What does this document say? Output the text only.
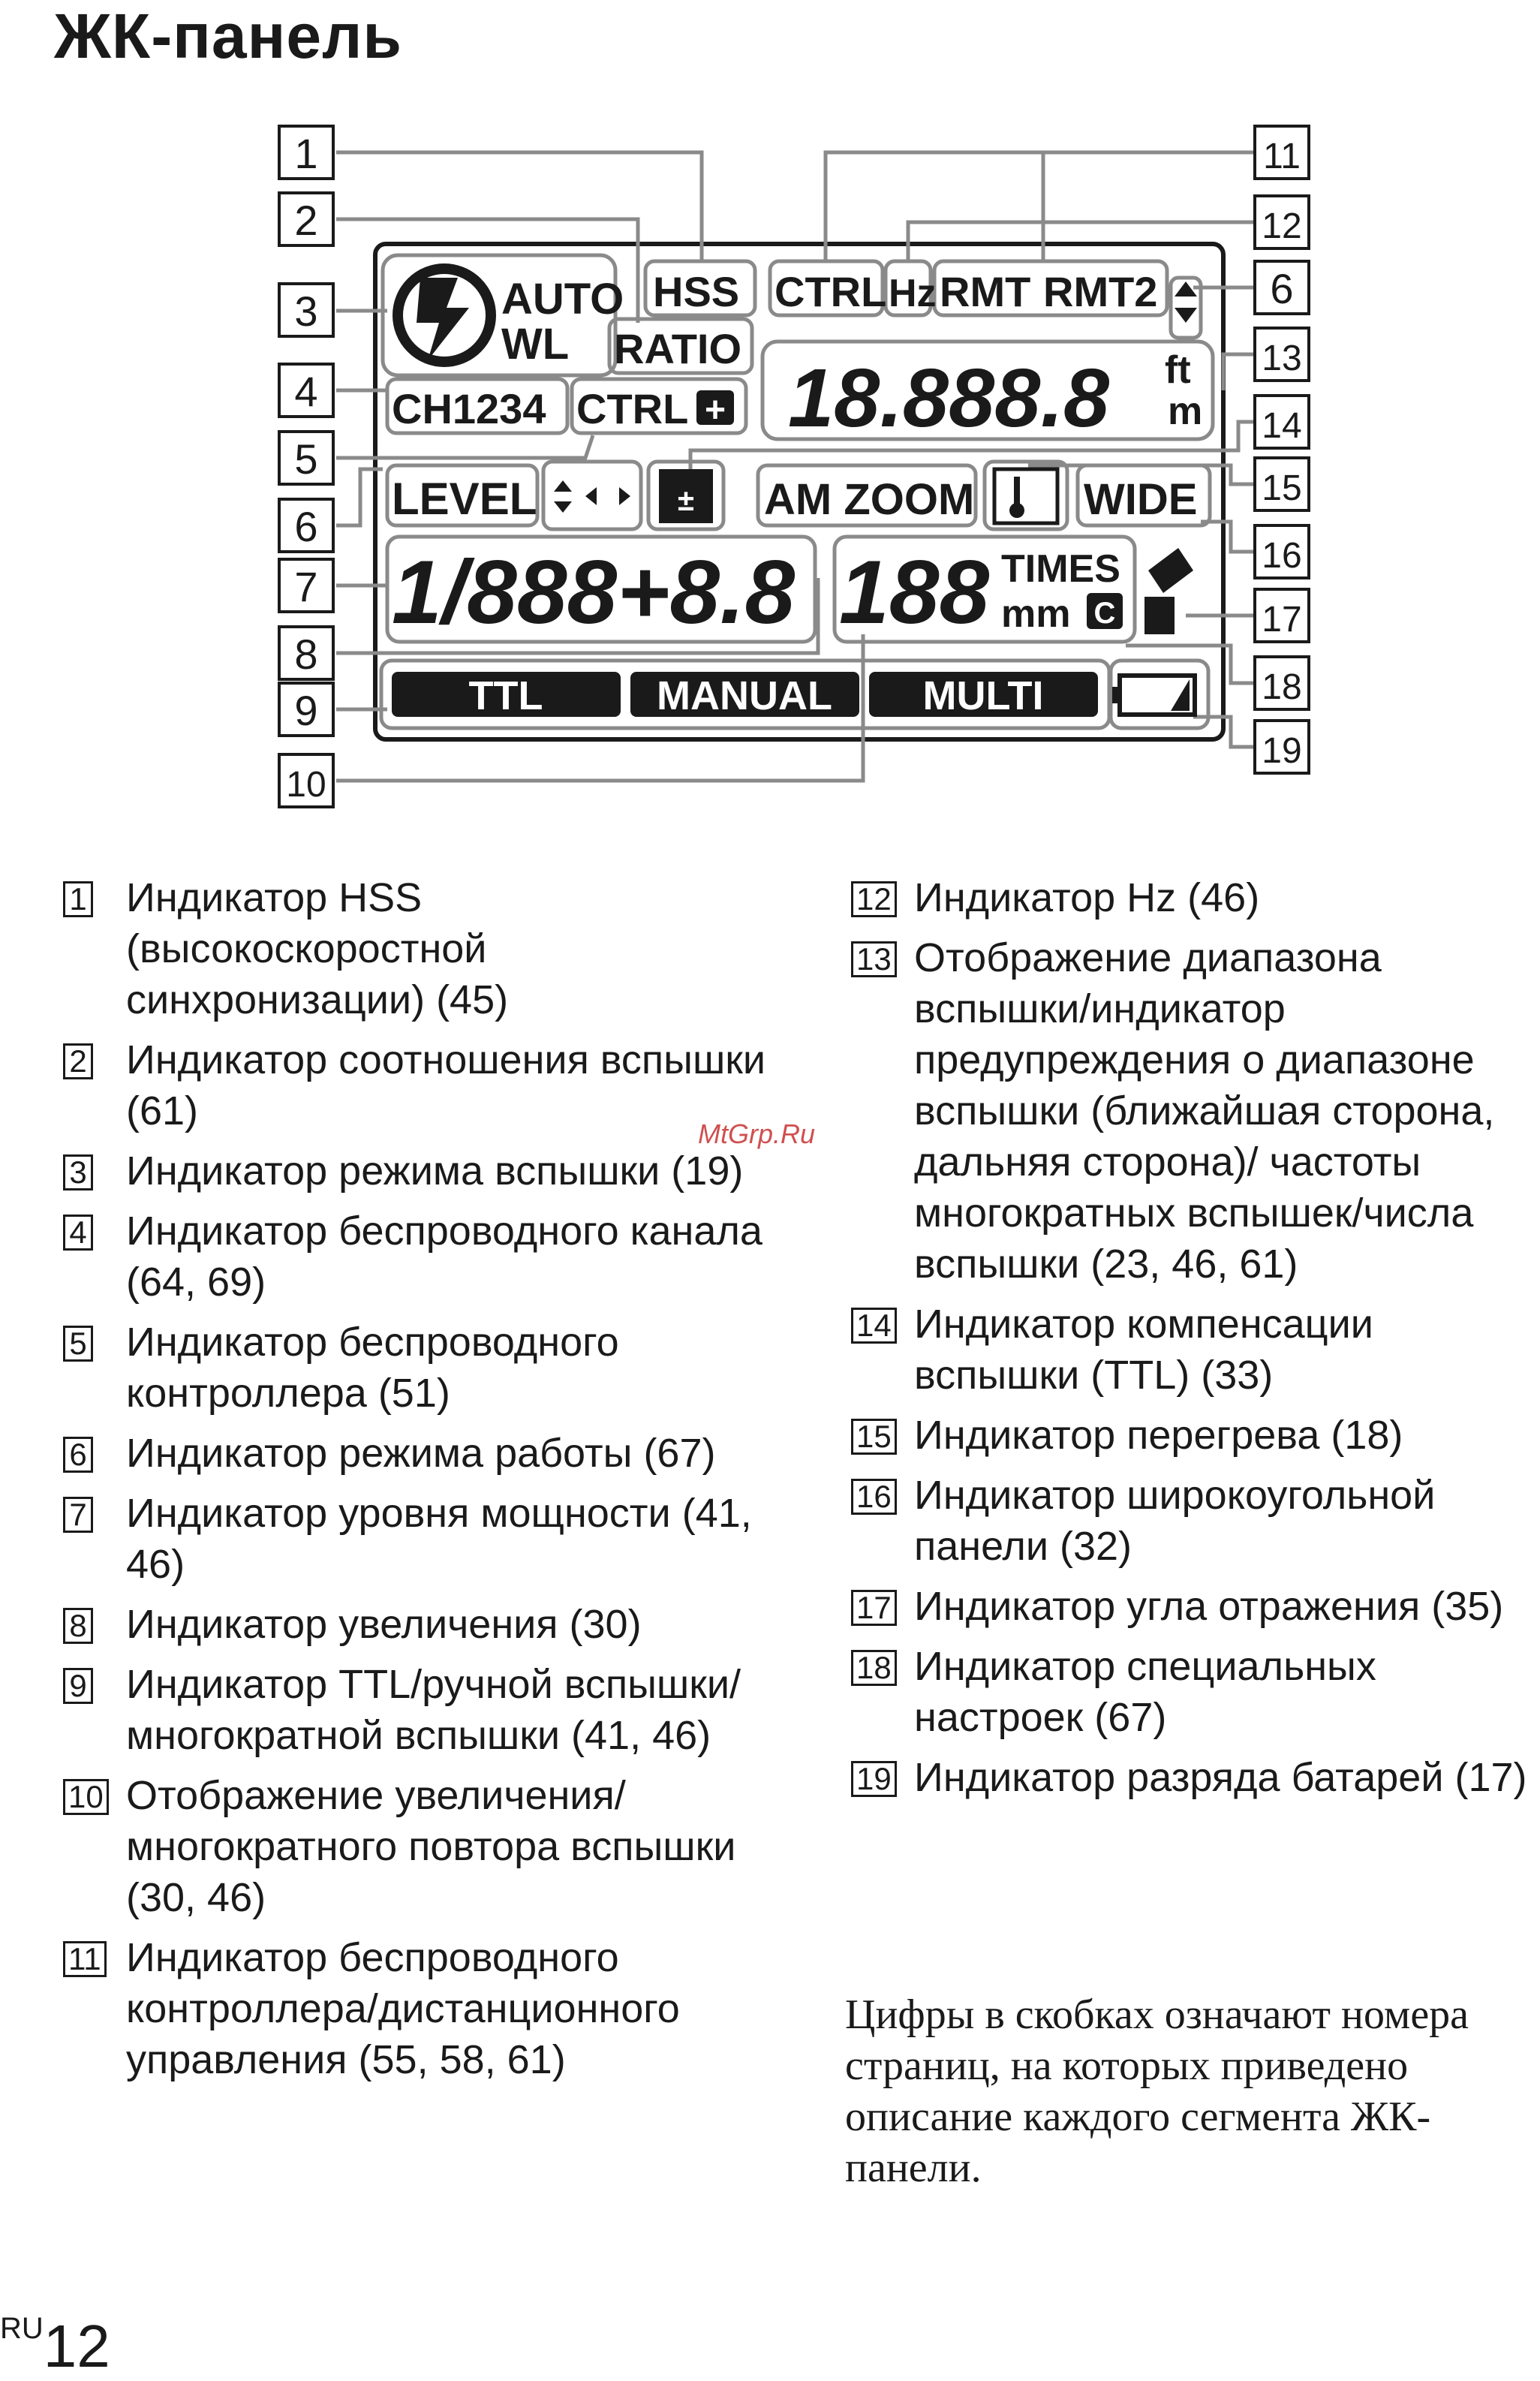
ЖК-панель
1
2
3
4
5
6
7
8
9
10
11
12
6
13
14
15
16
17
18
19
AUTO
WL
HSS
RATIO
CH1234 CTRL +
CTRL Hz RMT RMT2
18.888.8 ft
m
LEVEL	± AM ZOOM	WIDE
1/888+8.8 188 TIMES
mm C
TTL	MANUAL MULTI
MtGrp.Ru
1 Индикатор HSS (высокоскоростной синхронизации) (45)
2 Индикатор соотношения вспышки (61)
3 Индикатор режима вспышки (19)
4 Индикатор беспроводного канала (64, 69)
5 Индикатор беспроводного контроллера (51)
6 Индикатор режима работы (67)
7 Индикатор уровня мощности (41, 46)
8 Индикатор увеличения (30)
9 Индикатор TTL/ручной вспышки/многократной вспышки (41, 46)
10 Отображение увеличения/ многократного повтора вспышки (30, 46)
11 Индикатор беспроводного контроллера/дистанционного управления (55, 58, 61)
12 Индикатор Hz (46)
13 Отображение диапазона вспышки/индикатор предупреждения о диапазоне вспышки (ближайшая сторона, дальняя сторона)/ частоты многократных вспышек/числа вспышки (23, 46, 61)
14 Индикатор компенсации вспышки (TTL) (33)
15 Индикатор перегрева (18)
16 Индикатор широкоугольной панели (32)
17 Индикатор угла отражения (35)
18 Индикатор специальных настроек (67)
19 Индикатор разряда батарей (17)
Цифры в скобках означают номера страниц, на которых приведено описание каждого сегмента ЖК-панели.
$^{RU}$12
